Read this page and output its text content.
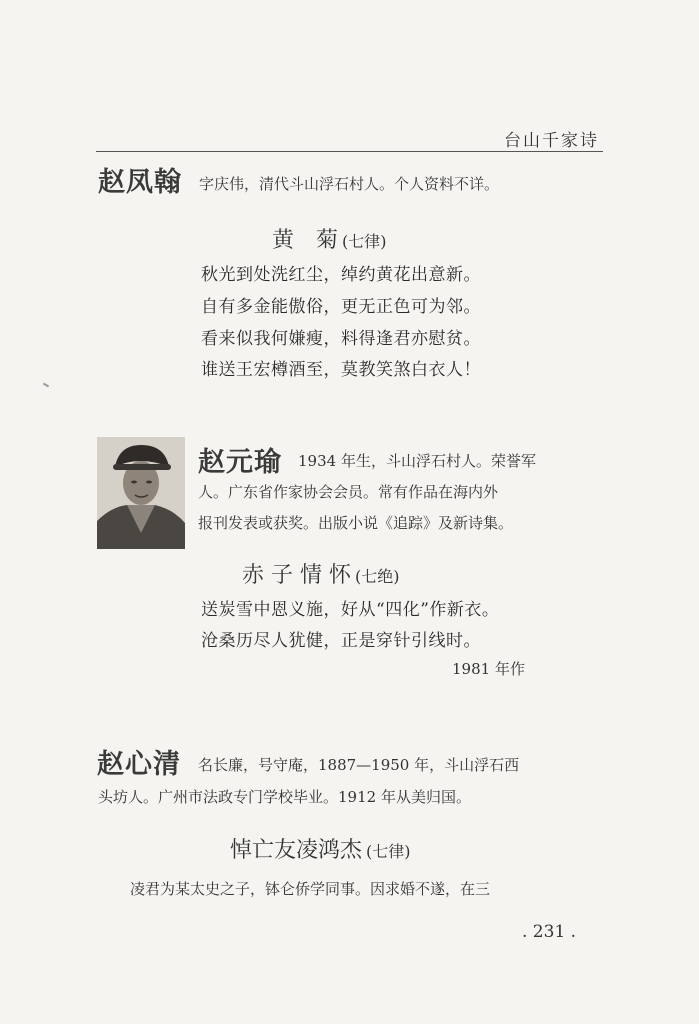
台山千家诗
赵凤翰 字庆伟，清代斗山浮石村人。个人资料不详。
黄　菊 (七律)
秋光到处洗红尘，绰约黄花出意新。
自有多金能傲俗，更无正色可为邻。
看来似我何嫌瘦，料得逢君亦慰贫。
谁送王宏樽酒至，莫教笑煞白衣人！
赵元瑜 1934 年生，斗山浮石村人。荣誉军
人。广东省作家协会会员。常有作品在海内外
报刊发表或获奖。出版小说《追踪》及新诗集。
赤 子 情 怀 (七绝)
送炭雪中恩义施，好从“四化”作新衣。
沧桑历尽人犹健，正是穿针引线时。
1981 年作
赵心清 名长廉，号守庵，1887—1950 年，斗山浮石西
头坊人。广州市法政专门学校毕业。1912 年从美归国。
悼亡友凌鸿杰 (七律)
凌君为某太史之子，钵仑侨学同事。因求婚不遂，在三
. 231 .
